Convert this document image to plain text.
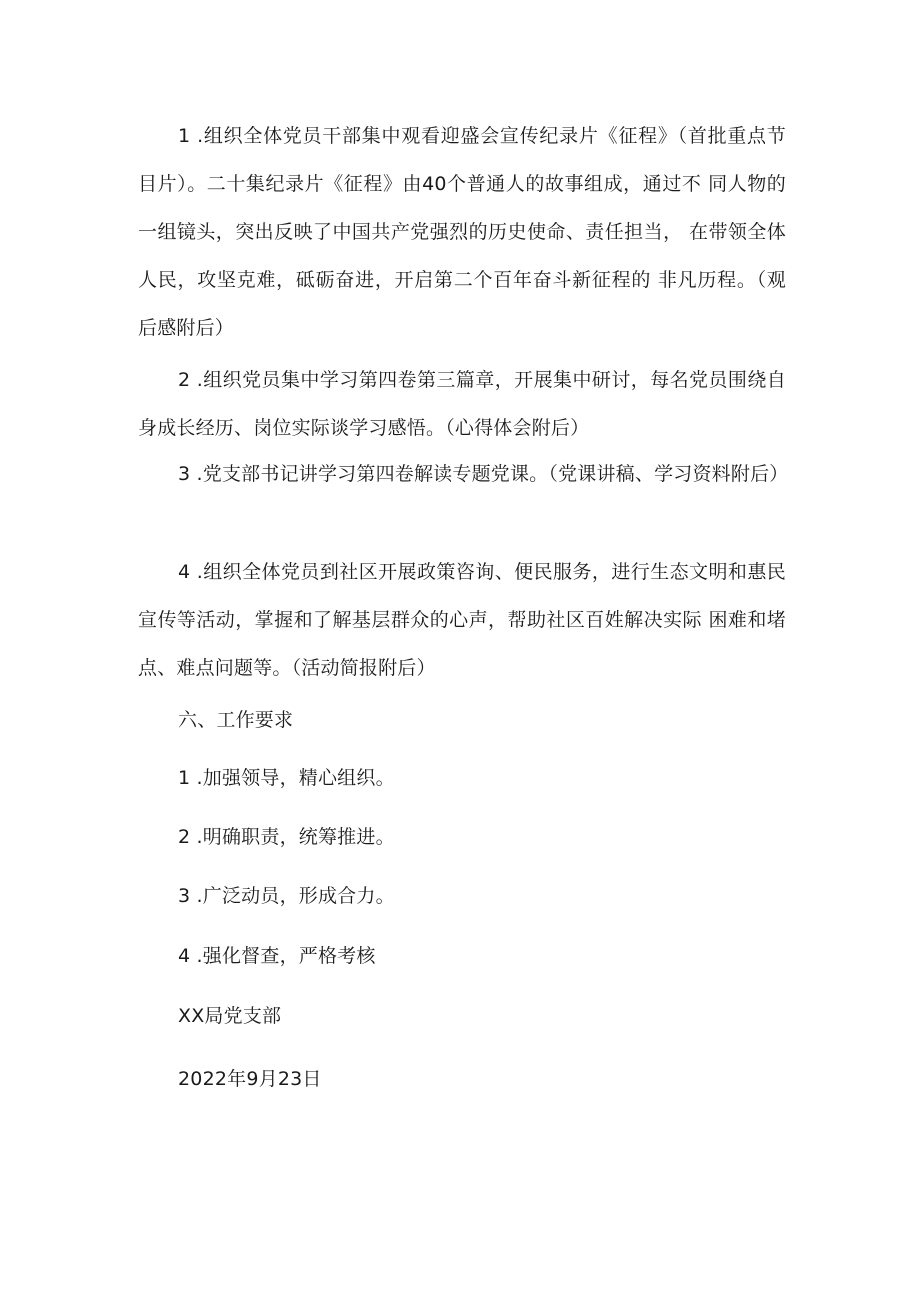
1 .组织全体党员干部集中观看迎盛会宣传纪录片《征程》（首批重点节目片）。二十集纪录片《征程》由40个普通人的故事组成，通过不 同人物的一组镜头，突出反映了中国共产党强烈的历史使命、责任担当， 在带领全体人民，攻坚克难，砥砺奋进，开启第二个百年奋斗新征程的 非凡历程。（观后感附后）

2 .组织党员集中学习第四卷第三篇章，开展集中研讨，每名党员围绕自身成长经历、岗位实际谈学习感悟。（心得体会附后）

3 .党支部书记讲学习第四卷解读专题党课。（党课讲稿、学习资料附后）

4 .组织全体党员到社区开展政策咨询、便民服务，进行生态文明和惠民宣传等活动，掌握和了解基层群众的心声，帮助社区百姓解决实际 困难和堵点、难点问题等。（活动简报附后）

六、工作要求

1 .加强领导，精心组织。

2 .明确职责，统筹推进。

3 .广泛动员，形成合力。

4 .强化督查，严格考核

XX局党支部

2022年9月23日
